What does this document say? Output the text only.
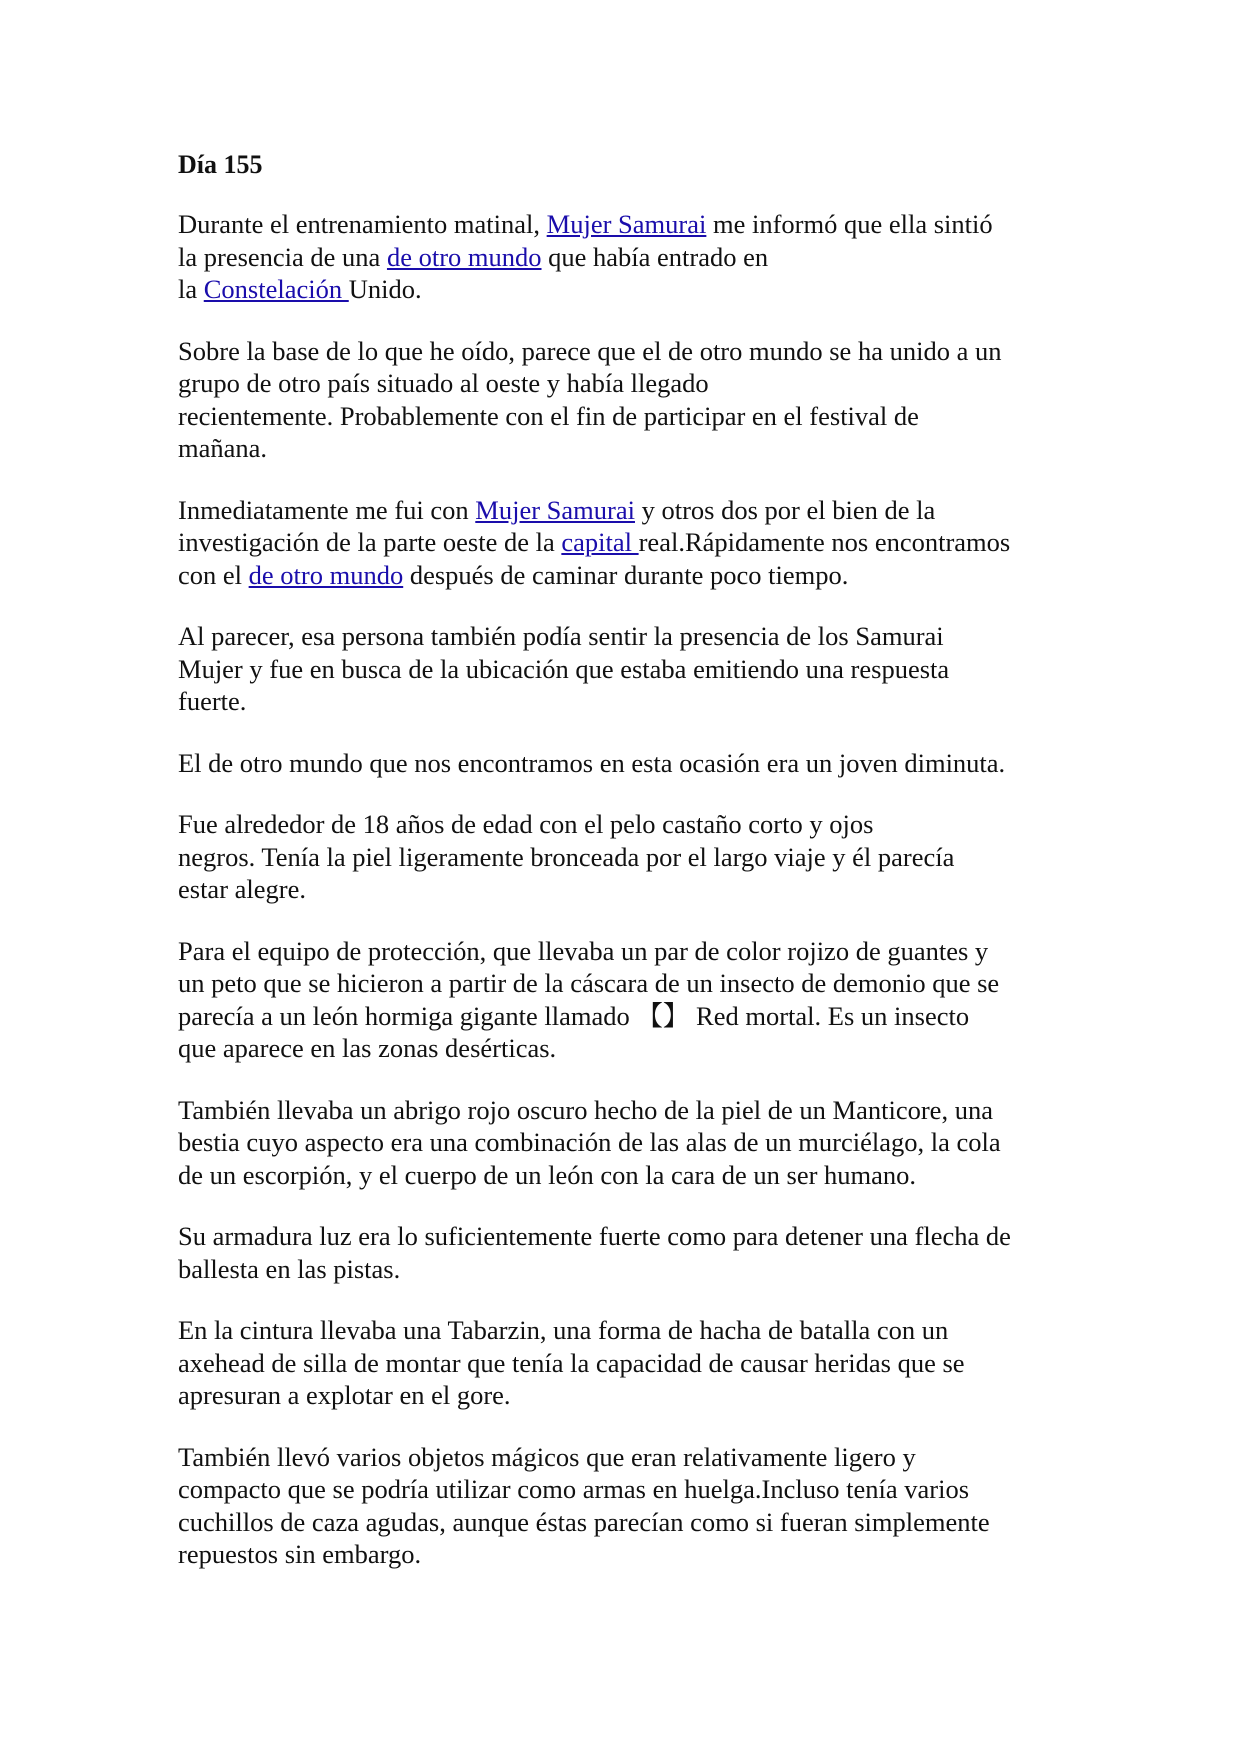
Día 155

Durante el entrenamiento matinal, Mujer Samurai me informó que ella sintió
la presencia de una de otro mundo que había entrado en
la Constelación Unido.

Sobre la base de lo que he oído, parece que el de otro mundo se ha unido a un
grupo de otro país situado al oeste y había llegado
recientemente. Probablemente con el fin de participar en el festival de
mañana.

Inmediatamente me fui con Mujer Samurai y otros dos por el bien de la
investigación de la parte oeste de la capital real.Rápidamente nos encontramos
con el de otro mundo después de caminar durante poco tiempo.

Al parecer, esa persona también podía sentir la presencia de los Samurai
Mujer y fue en busca de la ubicación que estaba emitiendo una respuesta
fuerte.

El de otro mundo que nos encontramos en esta ocasión era un joven diminuta.

Fue alrededor de 18 años de edad con el pelo castaño corto y ojos
negros. Tenía la piel ligeramente bronceada por el largo viaje y él parecía
estar alegre.

Para el equipo de protección, que llevaba un par de color rojizo de guantes y
un peto que se hicieron a partir de la cáscara de un insecto de demonio que se
parecía a un león hormiga gigante llamado 【】 Red mortal. Es un insecto
que aparece en las zonas desérticas.

También llevaba un abrigo rojo oscuro hecho de la piel de un Manticore, una
bestia cuyo aspecto era una combinación de las alas de un murciélago, la cola
de un escorpión, y el cuerpo de un león con la cara de un ser humano.

Su armadura luz era lo suficientemente fuerte como para detener una flecha de
ballesta en las pistas.

En la cintura llevaba una Tabarzin, una forma de hacha de batalla con un
axehead de silla de montar que tenía la capacidad de causar heridas que se
apresuran a explotar en el gore.

También llevó varios objetos mágicos que eran relativamente ligero y
compacto que se podría utilizar como armas en huelga.Incluso tenía varios
cuchillos de caza agudas, aunque éstas parecían como si fueran simplemente
repuestos sin embargo.
